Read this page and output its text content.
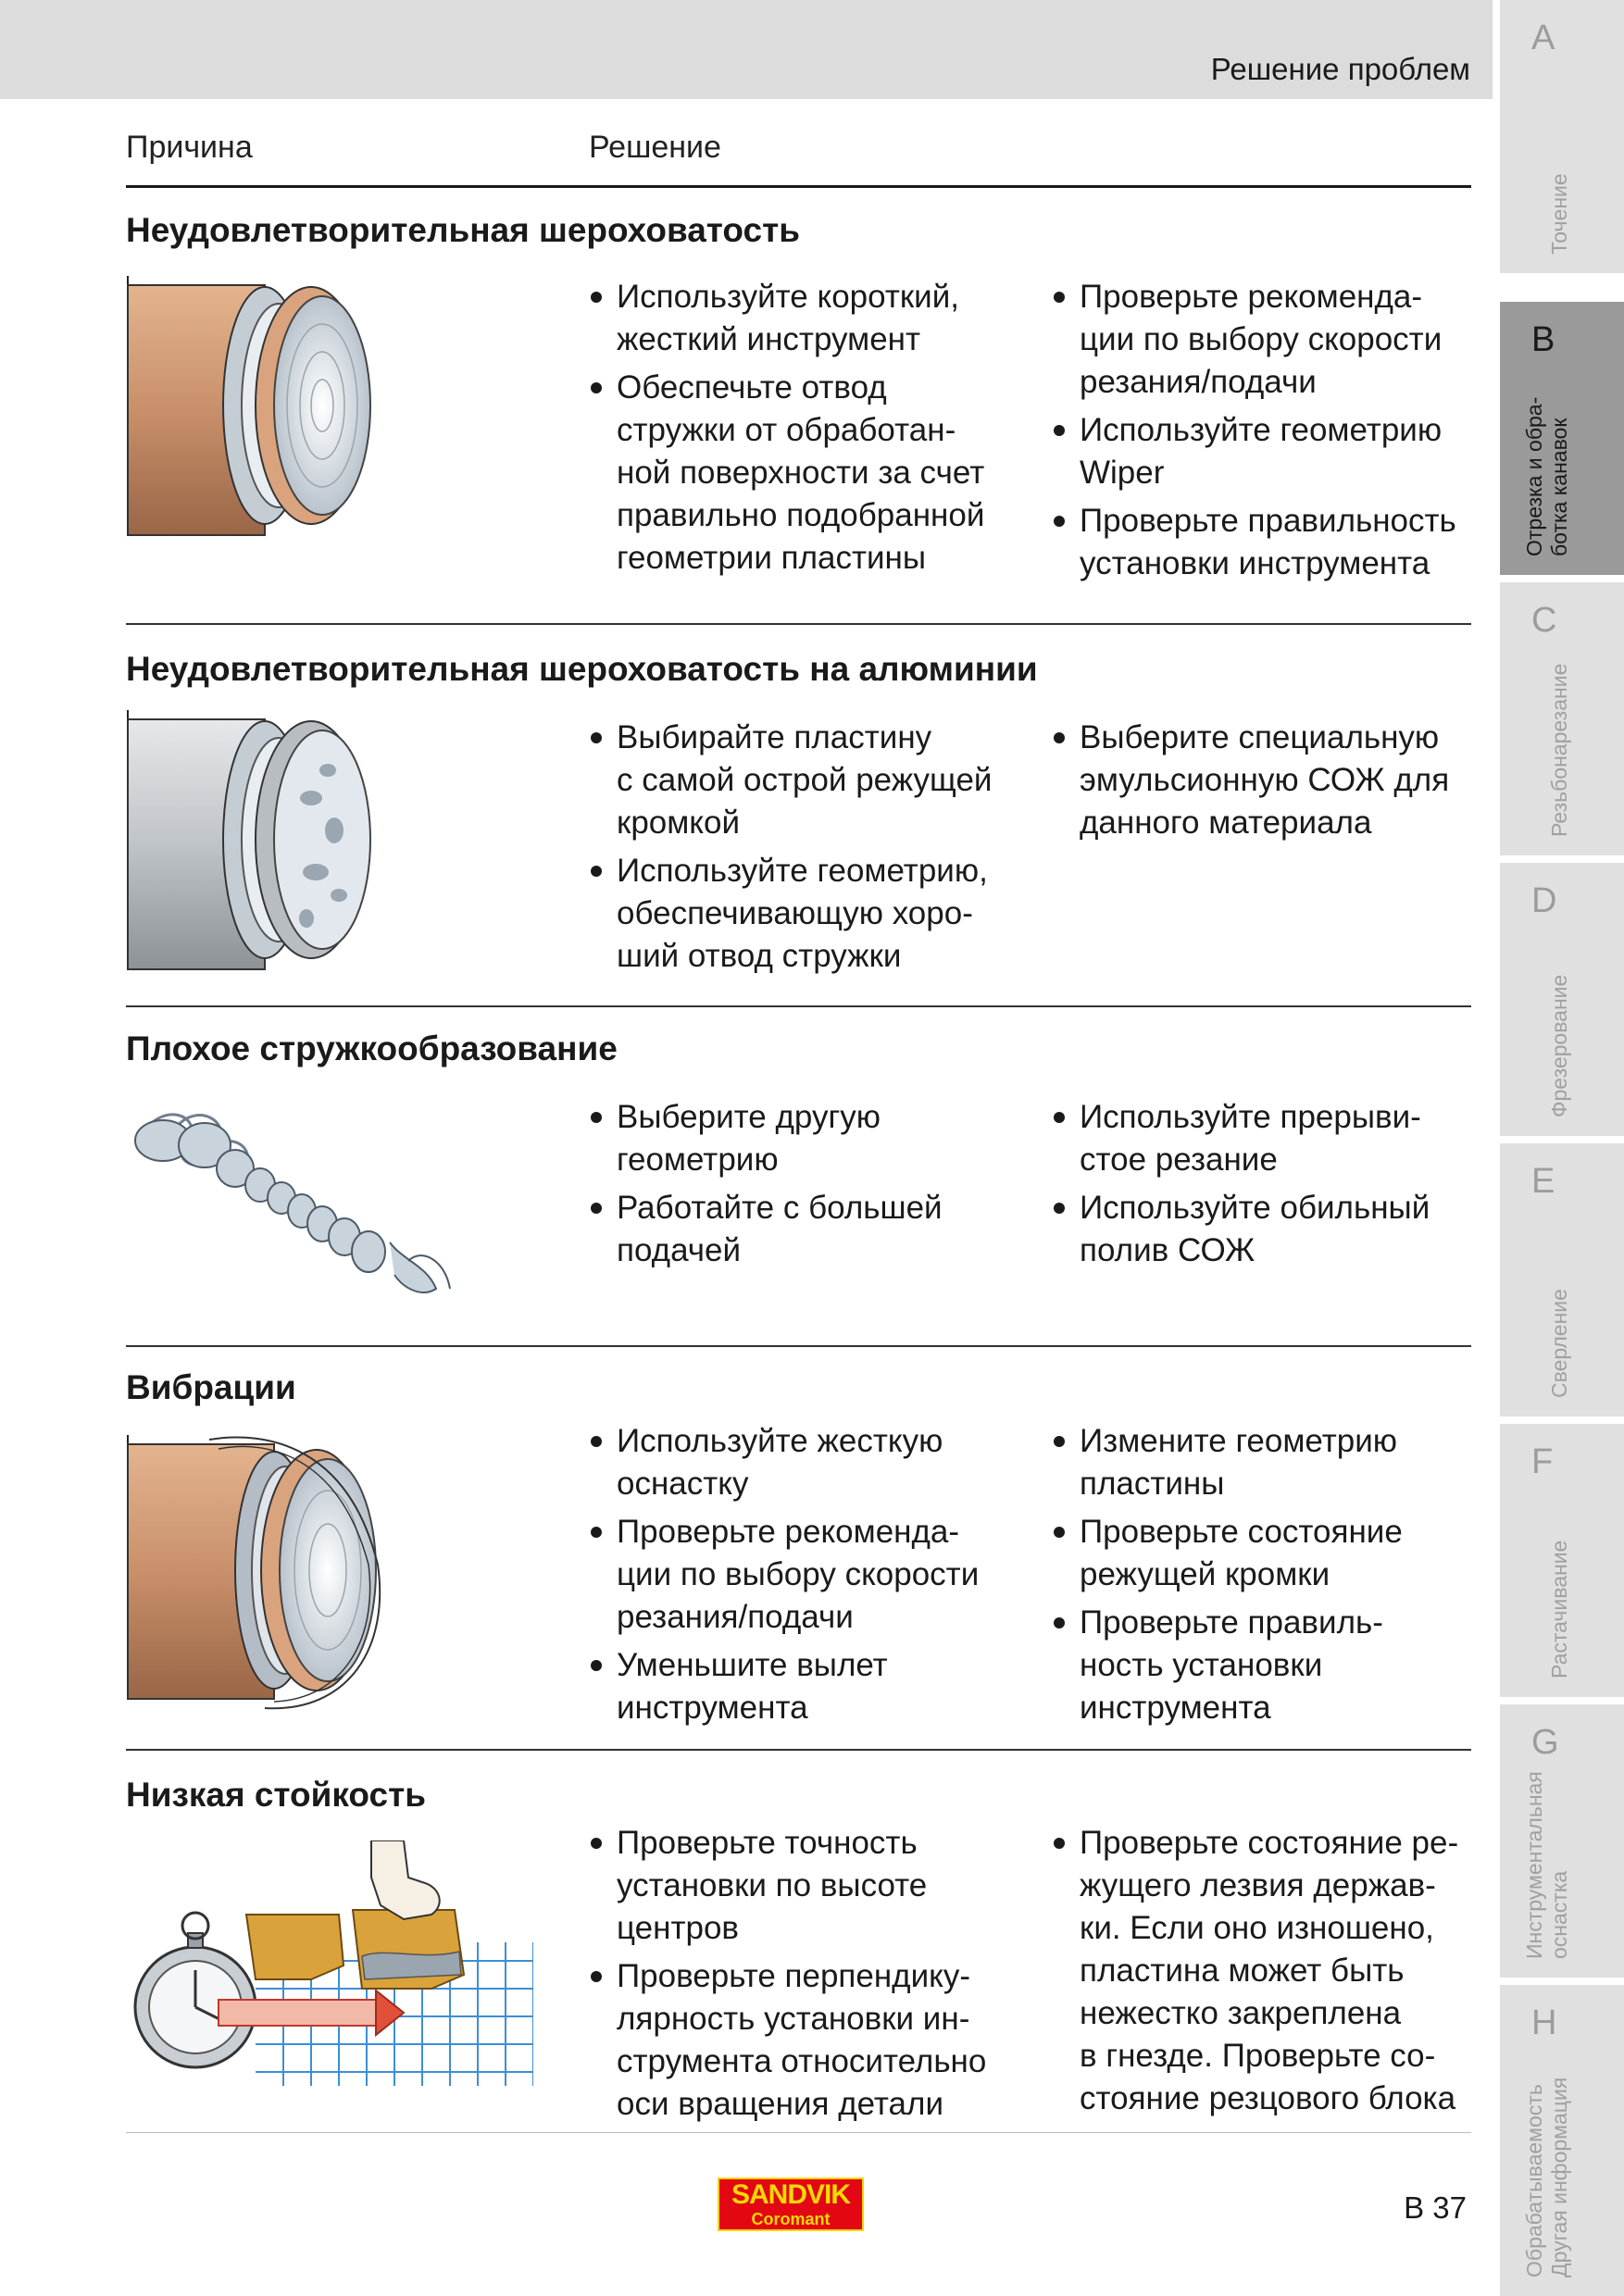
Решение проблем
Причина	Решение
Неудовлетворительная шероховатость
Используйте короткий,
жесткий инструмент
Обеспечьте отвод
стружки от обработан-
ной поверхности за счет
правильно подобранной
геометрии пластины
Проверьте рекоменда-
ции по выбору скорости
резания/подачи
Используйте геометрию
Wiper
Проверьте правильность
установки инструмента
Неудовлетворительная шероховатость на алюминии
Выбирайте пластину
с самой острой режущей
кромкой
Используйте геометрию,
обеспечивающую хоро-
ший отвод стружки
Выберите специальную
эмульсионную СОЖ для
данного материала
Плохое стружкообразование
Выберите другую
геометрию
Работайте с большей
подачей
Используйте прерыви-
стое резание
Используйте обильный
полив СОЖ
Вибрации
Используйте жесткую
оснастку
Проверьте рекоменда-
ции по выбору скорости
резания/подачи
Уменьшите вылет
инструмента
Измените геометрию
пластины
Проверьте состояние
режущей кромки
Проверьте правиль-
ность установки
инструмента
Низкая стойкость
Проверьте точность
установки по высоте
центров
Проверьте перпендику-
лярность установки ин-
струмента относительно
оси вращения детали
Проверьте состояние ре-
жущего лезвия держав-
ки. Если оно изношено,
пластина может быть
нежестко закреплена
в гнезде. Проверьте со-
стояние резцового блока
SANDVIK
Coromant	B 37
A
Точение
B
Отрезка и обра-
ботка канавок
C
Резьбонарезание
D
Фрезерование
E
Сверление
F
Растачивание
G
Инструментальная
оснастка
H
Обрабатываемость
Другая информация
